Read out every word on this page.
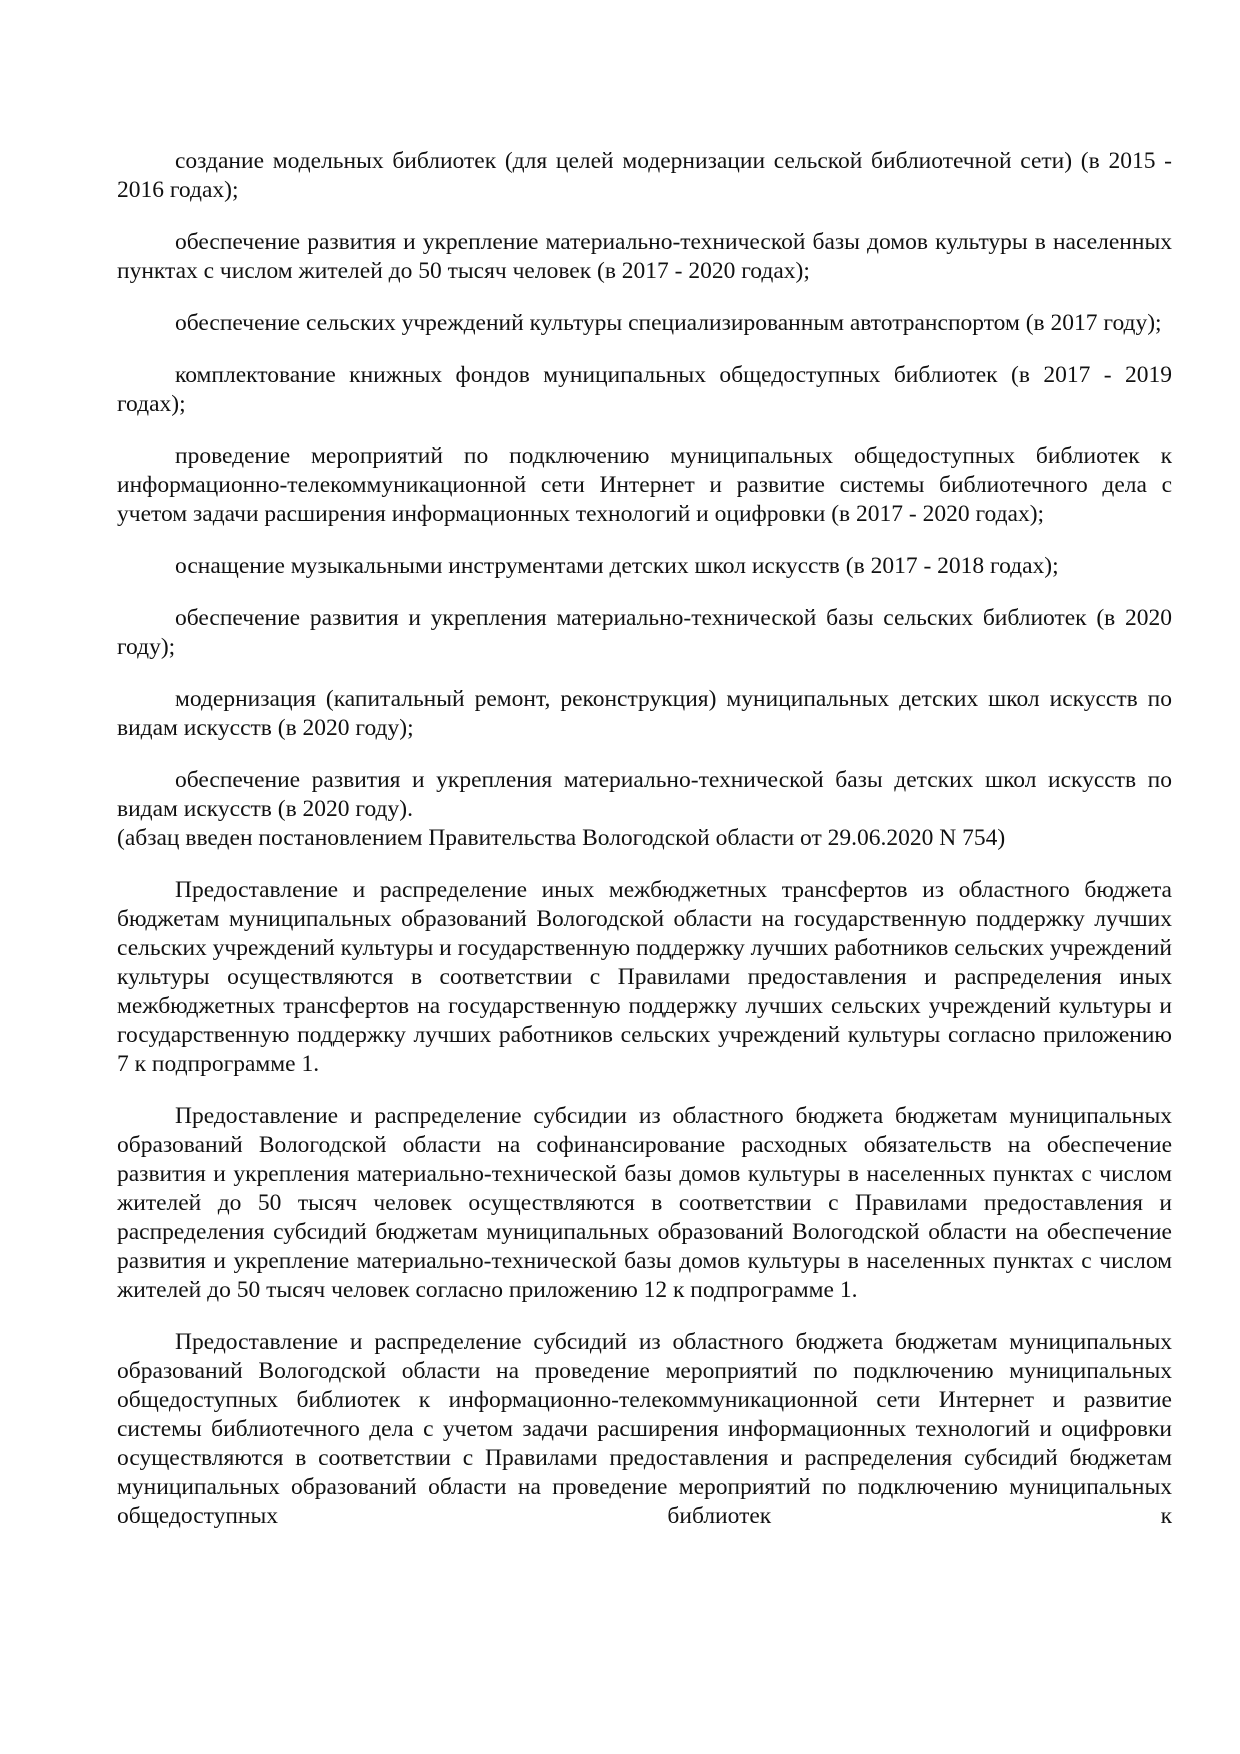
создание модельных библиотек (для целей модернизации сельской библиотечной сети) (в 2015 - 2016 годах);

обеспечение развития и укрепление материально-технической базы домов культуры в населенных пунктах с числом жителей до 50 тысяч человек (в 2017 - 2020 годах);

обеспечение сельских учреждений культуры специализированным автотранспортом (в 2017 году);

комплектование книжных фондов муниципальных общедоступных библиотек (в 2017 - 2019 годах);

проведение мероприятий по подключению муниципальных общедоступных библиотек к информационно-телекоммуникационной сети Интернет и развитие системы библиотечного дела с учетом задачи расширения информационных технологий и оцифровки (в 2017 - 2020 годах);

оснащение музыкальными инструментами детских школ искусств (в 2017 - 2018 годах);

обеспечение развития и укрепления материально-технической базы сельских библиотек (в 2020 году);

модернизация (капитальный ремонт, реконструкция) муниципальных детских школ искусств по видам искусств (в 2020 году);

обеспечение развития и укрепления материально-технической базы детских школ искусств по видам искусств (в 2020 году).

(абзац введен постановлением Правительства Вологодской области от 29.06.2020 N 754)

Предоставление и распределение иных межбюджетных трансфертов из областного бюджета бюджетам муниципальных образований Вологодской области на государственную поддержку лучших сельских учреждений культуры и государственную поддержку лучших работников сельских учреждений культуры осуществляются в соответствии с Правилами предоставления и распределения иных межбюджетных трансфертов на государственную поддержку лучших сельских учреждений культуры и государственную поддержку лучших работников сельских учреждений культуры согласно приложению 7 к подпрограмме 1.

Предоставление и распределение субсидии из областного бюджета бюджетам муниципальных образований Вологодской области на софинансирование расходных обязательств на обеспечение развития и укрепления материально-технической базы домов культуры в населенных пунктах с числом жителей до 50 тысяч человек осуществляются в соответствии с Правилами предоставления и распределения субсидий бюджетам муниципальных образований Вологодской области на обеспечение развития и укрепление материально-технической базы домов культуры в населенных пунктах с числом жителей до 50 тысяч человек согласно приложению 12 к подпрограмме 1.

Предоставление и распределение субсидий из областного бюджета бюджетам муниципальных образований Вологодской области на проведение мероприятий по подключению муниципальных общедоступных библиотек к информационно-телекоммуникационной сети Интернет и развитие системы библиотечного дела с учетом задачи расширения информационных технологий и оцифровки осуществляются в соответствии с Правилами предоставления и распределения субсидий бюджетам муниципальных образований области на проведение мероприятий по подключению муниципальных общедоступных библиотек к
